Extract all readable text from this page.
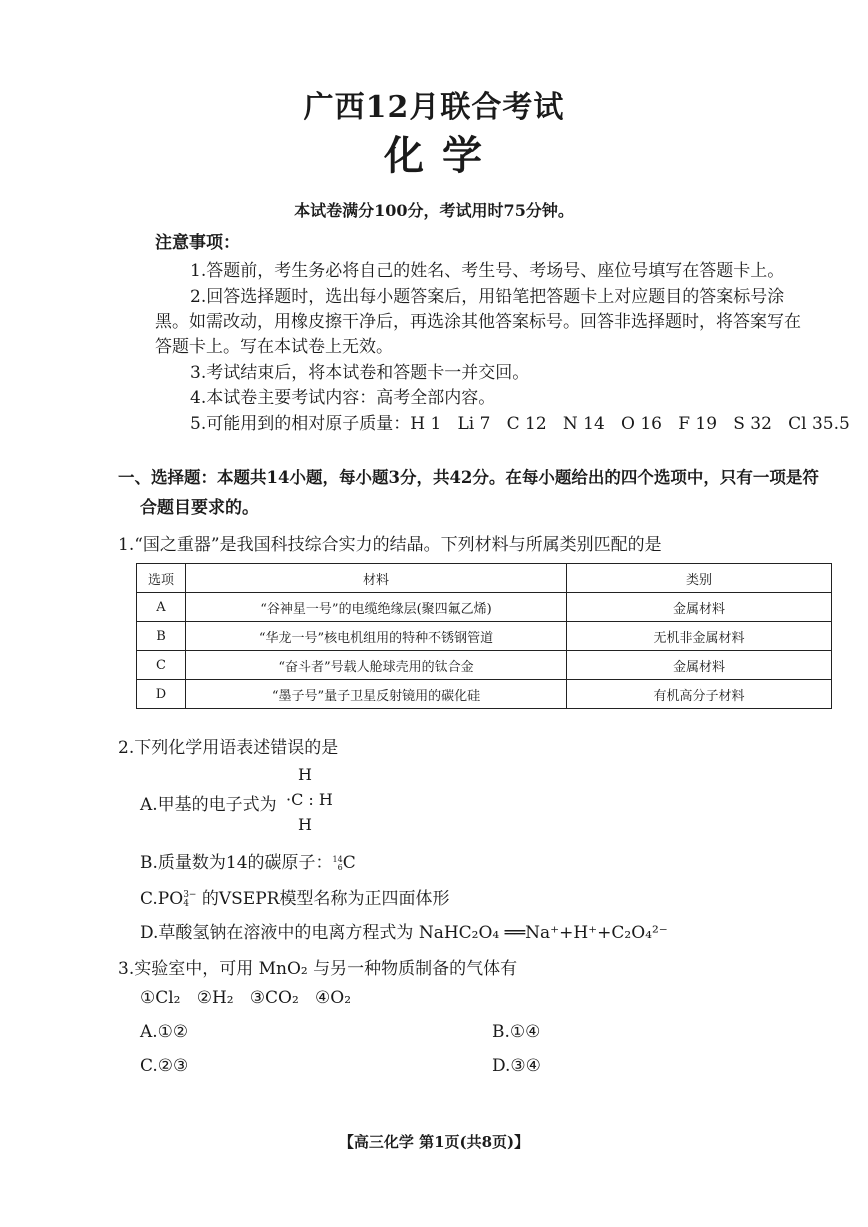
广西12月联合考试
化 学
本试卷满分100分，考试用时75分钟。
注意事项：
1.答题前，考生务必将自己的姓名、考生号、考场号、座位号填写在答题卡上。
2.回答选择题时，选出每小题答案后，用铅笔把答题卡上对应题目的答案标号涂
黑。如需改动，用橡皮擦干净后，再选涂其他答案标号。回答非选择题时，将答案写在
答题卡上。写在本试卷上无效。
3.考试结束后，将本试卷和答题卡一并交回。
4.本试卷主要考试内容：高考全部内容。
5.可能用到的相对原子质量：H 1   Li 7   C 12   N 14   O 16   F 19   S 32   Cl 35.5
一、选择题：本题共14小题，每小题3分，共42分。在每小题给出的四个选项中，只有一项是符
合题目要求的。
1.“国之重器”是我国科技综合实力的结晶。下列材料与所属类别匹配的是
选项	材料	类别
A	“谷神星一号”的电缆绝缘层(聚四氟乙烯)	金属材料
B	“华龙一号”核电机组用的特种不锈钢管道	无机非金属材料
C	“奋斗者”号载人舱球壳用的钛合金	金属材料
D	“墨子号”量子卫星反射镜用的碳化硅	有机高分子材料
2.下列化学用语表述错误的是
A.甲基的电子式为
H
·C : H
H
B.质量数为14的碳原子： 14
6 C
C.PO 3−
4 的VSEPR模型名称为正四面体形
D.草酸氢钠在溶液中的电离方程式为 NaHC₂O₄ ══Na⁺+H⁺+C₂O₄²⁻
3.实验室中，可用 MnO₂ 与另一种物质制备的气体有
①Cl₂   ②H₂   ③CO₂   ④O₂
A.①②	B.①④
C.②③	D.③④
【高三化学 第1页(共8页)】
